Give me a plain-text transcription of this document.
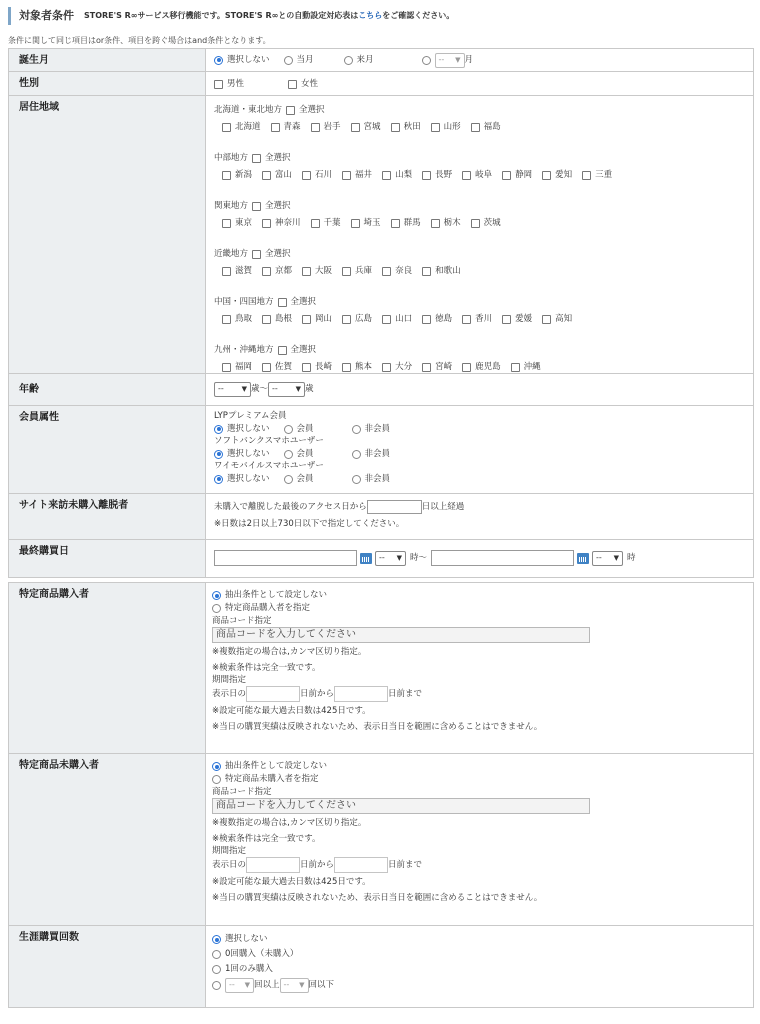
対象者条件 STORE'S R∞サービス移行機能です。STORE'S R∞との自動設定対応表はこちらをご確認ください。
条件に関して同じ項目はor条件、項目を跨ぐ場合はand条件となります。
誕生月	選択しない	当月	来月	-- ▼ 月
性別	男性	女性
居住地域	北海道・東北地方 全選択
北海道	青森	岩手	宮城	秋田	山形	福島
中部地方 全選択
新潟	富山	石川	福井	山梨	長野	岐阜	静岡	愛知	三重
関東地方 全選択
東京	神奈川	千葉	埼玉	群馬	栃木	茨城
近畿地方 全選択
滋賀	京都	大阪	兵庫	奈良	和歌山
中国・四国地方 全選択
鳥取	島根	岡山	広島	山口	徳島	香川	愛媛	高知
九州・沖縄地方 全選択
福岡	佐賀	長崎	熊本	大分	宮崎	鹿児島	沖縄
年齢	--	▼ 歳～ --	▼ 歳
会員属性	LYPプレミアム会員
選択しない	会員	非会員
ソフトバンクスマホユーザー
選択しない	会員	非会員
ワイモバイルスマホユーザー
選択しない	会員	非会員
サイト来訪未購入離脱者	未購入で離脱した最後のアクセス日から	日以上経過
※日数は2日以上730日以下で指定してください。
最終購買日
-- ▼ 時～	-- ▼ 時
特定商品購入者	抽出条件として設定しない
特定商品購入者を指定
商品コード指定
商品コードを入力してください
※複数指定の場合は,カンマ区切り指定。
※検索条件は完全一致です。
期間指定
表示日の	日前から	日前まで
※設定可能な最大過去日数は425日です。
※当日の購買実績は反映されないため、表示日当日を範囲に含めることはできません。
特定商品未購入者	抽出条件として設定しない
特定商品未購入者を指定
商品コード指定
商品コードを入力してください
※複数指定の場合は,カンマ区切り指定。
※検索条件は完全一致です。
期間指定
表示日の	日前から	日前まで
※設定可能な最大過去日数は425日です。
※当日の購買実績は反映されないため、表示日当日を範囲に含めることはできません。
生涯購買回数	選択しない
0回購入（未購入）
1回のみ購入
-- ▼ 回以上 -- ▼ 回以下
